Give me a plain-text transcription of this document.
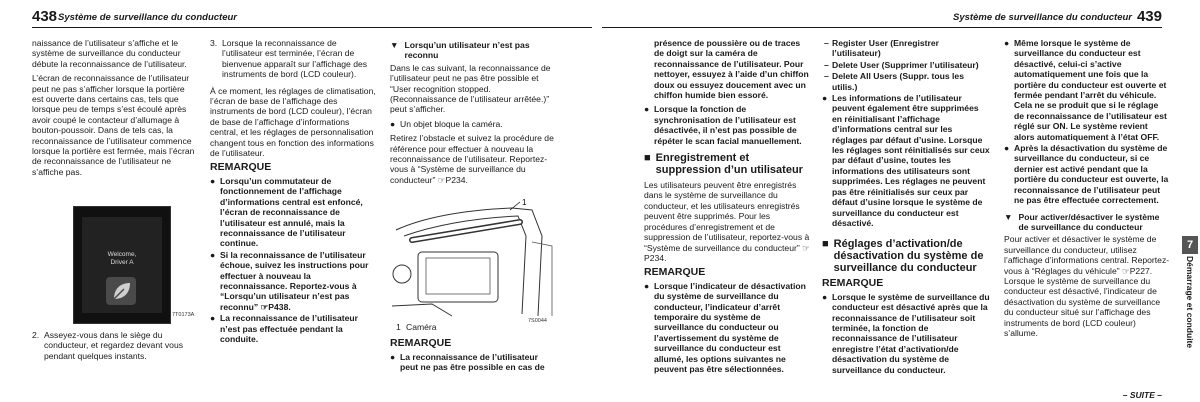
438 Système de surveillance du conducteur

naissance de l’utilisateur s’affiche et le système de surveillance du conducteur débute la reconnaissance de l’utilisateur.

L’écran de reconnaissance de l’utilisateur peut ne pas s’afficher lorsque la portière est ouverte dans certains cas, tels que lorsque peu de temps s’est écoulé après avoir coupé le contacteur d’allumage à bouton-poussoir. Dans de tels cas, la reconnaissance de l’utilisateur commence lorsque la portière est fermée, mais l’écran de reconnaissance de l’utilisateur ne s’affiche pas.

Welcome, Driver A
7T0173A
2. Asseyez-vous dans le siège du conducteur, et regardez devant vous pendant quelques instants.
3. Lorsque la reconnaissance de l’utilisateur est terminée, l’écran de bienvenue apparaît sur l’affichage des instruments de bord (LCD couleur).

À ce moment, les réglages de climatisation, l’écran de base de l’affichage des instruments de bord (LCD couleur), l’écran de base de l’affichage d’informations central, et les réglages de personnalisation changent tous en fonction des informations de l’utilisateur.

REMARQUE
● Lorsqu’un commutateur de fonctionnement de l’affichage d’informations central est enfoncé, l’écran de reconnaissance de l’utilisateur est annulé, mais la reconnaissance de l’utilisateur continue.
● Si la reconnaissance de l’utilisateur échoue, suivez les instructions pour effectuer à nouveau la reconnaissance. Reportez-vous à “Lorsqu’un utilisateur n’est pas reconnu” ☞P438.
● La reconnaissance de l’utilisateur n’est pas effectuée pendant la conduite.
▼ Lorsqu’un utilisateur n’est pas reconnu

Dans le cas suivant, la reconnaissance de l’utilisateur peut ne pas être possible et “User recognition stopped. (Reconnaissance de l’utilisateur arrêtée.)” peut s’afficher.

● Un objet bloque la caméra.

Retirez l’obstacle et suivez la procédure de référence pour effectuer à nouveau la reconnaissance de l’utilisateur. Reportez-vous à “Système de surveillance du conducteur” ☞P234.

1
7S0044
1 Caméra
REMARQUE
● La reconnaissance de l’utilisateur peut ne pas être possible en cas de
Système de surveillance du conducteur 439

présence de poussière ou de traces de doigt sur la caméra de reconnaissance de l’utilisateur. Pour nettoyer, essuyez à l’aide d’un chiffon doux ou essuyez doucement avec un chiffon humide bien essoré.

● Lorsque la fonction de synchronisation de l’utilisateur est désactivée, il n’est pas possible de répéter le scan facial manuellement.
■ Enregistrement et suppression d’un utilisateur

Les utilisateurs peuvent être enregistrés dans le système de surveillance du conducteur, et les utilisateurs enregistrés peuvent être supprimés. Pour les procédures d’enregistrement et de suppression de l’utilisateur, reportez-vous à “Système de surveillance du conducteur” ☞P234.

REMARQUE
● Lorsque l’indicateur de désactivation du système de surveillance du conducteur, l’indicateur d’arrêt temporaire du système de surveillance du conducteur ou l’avertissement du système de surveillance du conducteur est allumé, les options suivantes ne peuvent pas être sélectionnées.
– Register User (Enregistrer l’utilisateur)
– Delete User (Supprimer l’utilisateur)
– Delete All Users (Suppr. tous les utilis.)
● Les informations de l’utilisateur peuvent également être supprimées en réinitialisant l’affichage d’informations central sur les réglages par défaut d’usine. Lorsque les réglages sont réinitialisés sur ceux par défaut d’usine, toutes les informations des utilisateurs sont supprimées. Les réglages ne peuvent pas être réinitialisés sur ceux par défaut d’usine lorsque le système de surveillance du conducteur est désactivé.
■ Réglages d’activation/de désactivation du système de surveillance du conducteur
REMARQUE
● Lorsque le système de surveillance du conducteur est désactivé après que la reconnaissance de l’utilisateur soit terminée, la fonction de reconnaissance de l’utilisateur enregistre l’état d’activation/de désactivation du système de surveillance du conducteur.
● Même lorsque le système de surveillance du conducteur est désactivé, celui-ci s’active automatiquement une fois que la portière du conducteur est ouverte et fermée pendant l’arrêt du véhicule. Cela ne se produit que si le réglage de reconnaissance de l’utilisateur est réglé sur ON. Le système revient alors automatiquement à l’état OFF.
● Après la désactivation du système de surveillance du conducteur, si ce dernier est activé pendant que la portière du conducteur est ouverte, la reconnaissance de l’utilisateur peut ne pas être effectuée correctement.
▼ Pour activer/désactiver le système de surveillance du conducteur

Pour activer et désactiver le système de surveillance du conducteur, utilisez l’affichage d’informations central. Reportez-vous à “Réglages du véhicule” ☞P227. Lorsque le système de surveillance du conducteur est désactivé, l’indicateur de désactivation du système de surveillance du conducteur situé sur l’affichage des instruments de bord (LCD couleur) s’allume.

7
Démarrage et conduite
– SUITE –
